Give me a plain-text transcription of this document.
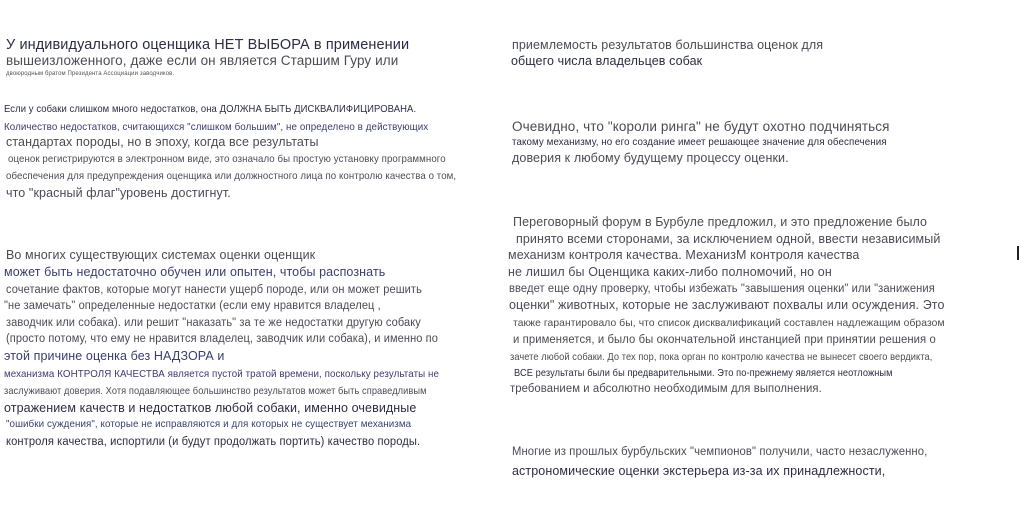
У индивидуального оценщика НЕТ ВЫБОРА в применении
вышеизложенного, даже если он является Старшим Гуру или
двоюродным братом Президента Ассоциации заводчиков.
Если у собаки слишком много недостатков, она ДОЛЖНА БЫТЬ ДИСКВАЛИФИЦИРОВАНА.
Количество недостатков, считающихся "слишком большим", не определено в действующих
стандартах породы, но в эпоху, когда все результаты
оценок регистрируются в электронном виде, это означало бы простую установку программного
обеспечения для предупреждения оценщика или должностного лица по контролю качества о том,
что "красный флаг"уровень достигнут.
Во многих существующих системах оценки оценщик
может быть недостаточно обучен или опытен, чтобы распознать
сочетание фактов, которые могут нанести ущерб породе, или он может решить
"не замечать" определенные недостатки (если ему нравится владелец ,
заводчик или собака). или решит "наказать" за те же недостатки другую собаку
(просто потому, что ему не нравится владелец, заводчик или собака), и именно по
этой причине оценка без НАДЗОРА и
механизма КОНТРОЛЯ КАЧЕСТВА является пустой тратой времени, поскольку результаты не
заслуживают доверия. Хотя подавляющее большинство результатов может быть справедливым
отражением качеств и недостатков любой собаки, именно очевидные
"ошибки суждения", которые не исправляются и для которых не существует механизма
контроля качества, испортили (и будут продолжать портить) качество породы.
приемлемость результатов большинства оценок для
общего числа владельцев собак
Очевидно, что "короли ринга" не будут охотно подчиняться
такому механизму, но его создание имеет решающее значение для обеспечения
доверия к любому будущему процессу оценки.
Переговорный форум в Бурбуле предложил, и это предложение было
принято всеми сторонами, за исключением одной, ввести независимый
механизм контроля качества. МеханизМ контроля качества
не лишил бы Оценщика каких-либо полномочий, но он
введет еще одну проверку, чтобы избежать "завышения оценки" или "занижения
оценки" животных, которые не заслуживают похвалы или осуждения. Это
также гарантировало бы, что список дисквалификаций составлен надлежащим образом
и применяется, и было бы окончательной инстанцией при принятии решения о
зачете любой собаки. До тех пор, пока орган по контролю качества не вынесет своего вердикта,
ВСЕ результаты были бы предварительными. Это по-прежнему является неотложным
требованием и абсолютно необходимым для выполнения.
Многие из прошлых бурбульских "чемпионов" получили, часто незаслуженно,
астрономические оценки экстерьера из-за их принадлежности,
